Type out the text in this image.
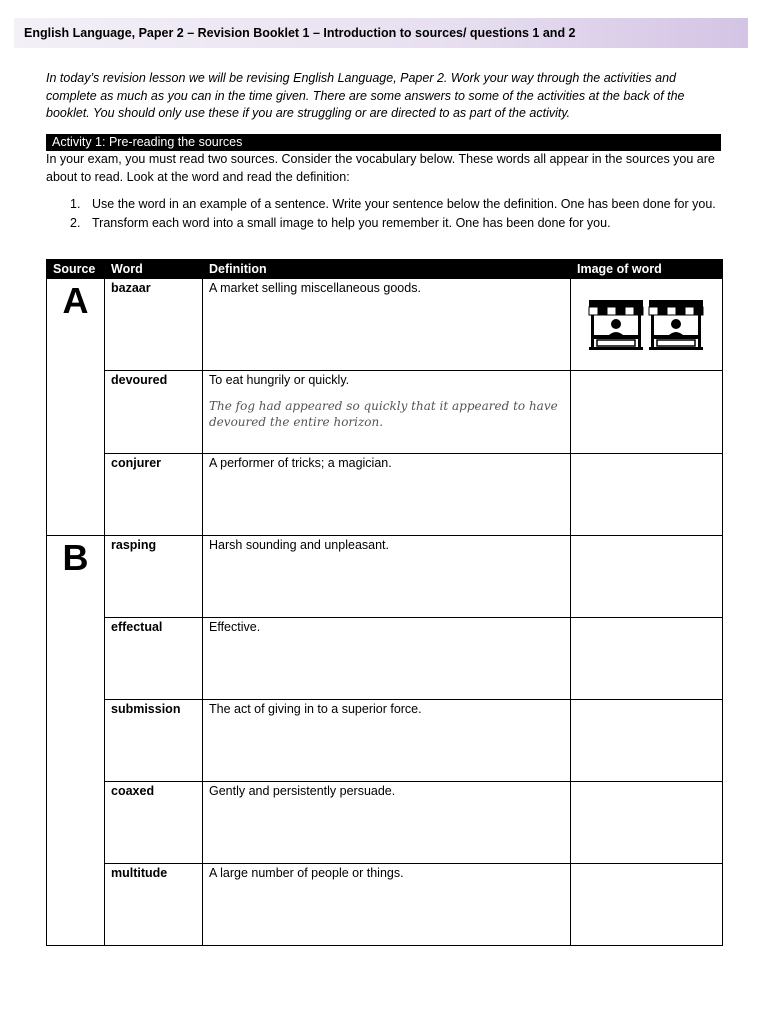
English Language, Paper 2 – Revision Booklet 1 – Introduction to sources/ questions 1 and 2
In today’s revision lesson we will be revising English Language, Paper 2. Work your way through the activities and complete as much as you can in the time given. There are some answers to some of the activities at the back of the booklet. You should only use these if you are struggling or are directed to as part of the activity.
Activity 1: Pre-reading the sources
In your exam, you must read two sources. Consider the vocabulary below. These words all appear in the sources you are about to read. Look at the word and read the definition:
1. Use the word in an example of a sentence. Write your sentence below the definition. One has been done for you.
2. Transform each word into a small image to help you remember it. One has been done for you.
Source	Word	Definition	Image of word
A	bazaar	A market selling miscellaneous goods.

	devoured	To eat hungrily or quickly.
The fog had appeared so quickly that it appeared to have devoured the entire horizon.	

	conjurer	A performer of tricks; a magician.	

B	rasping	Harsh sounding and unpleasant.	

	effectual	Effective.	

	submission	The act of giving in to a superior force.	

	coaxed	Gently and persistently persuade.	

	multitude	A large number of people or things.	
